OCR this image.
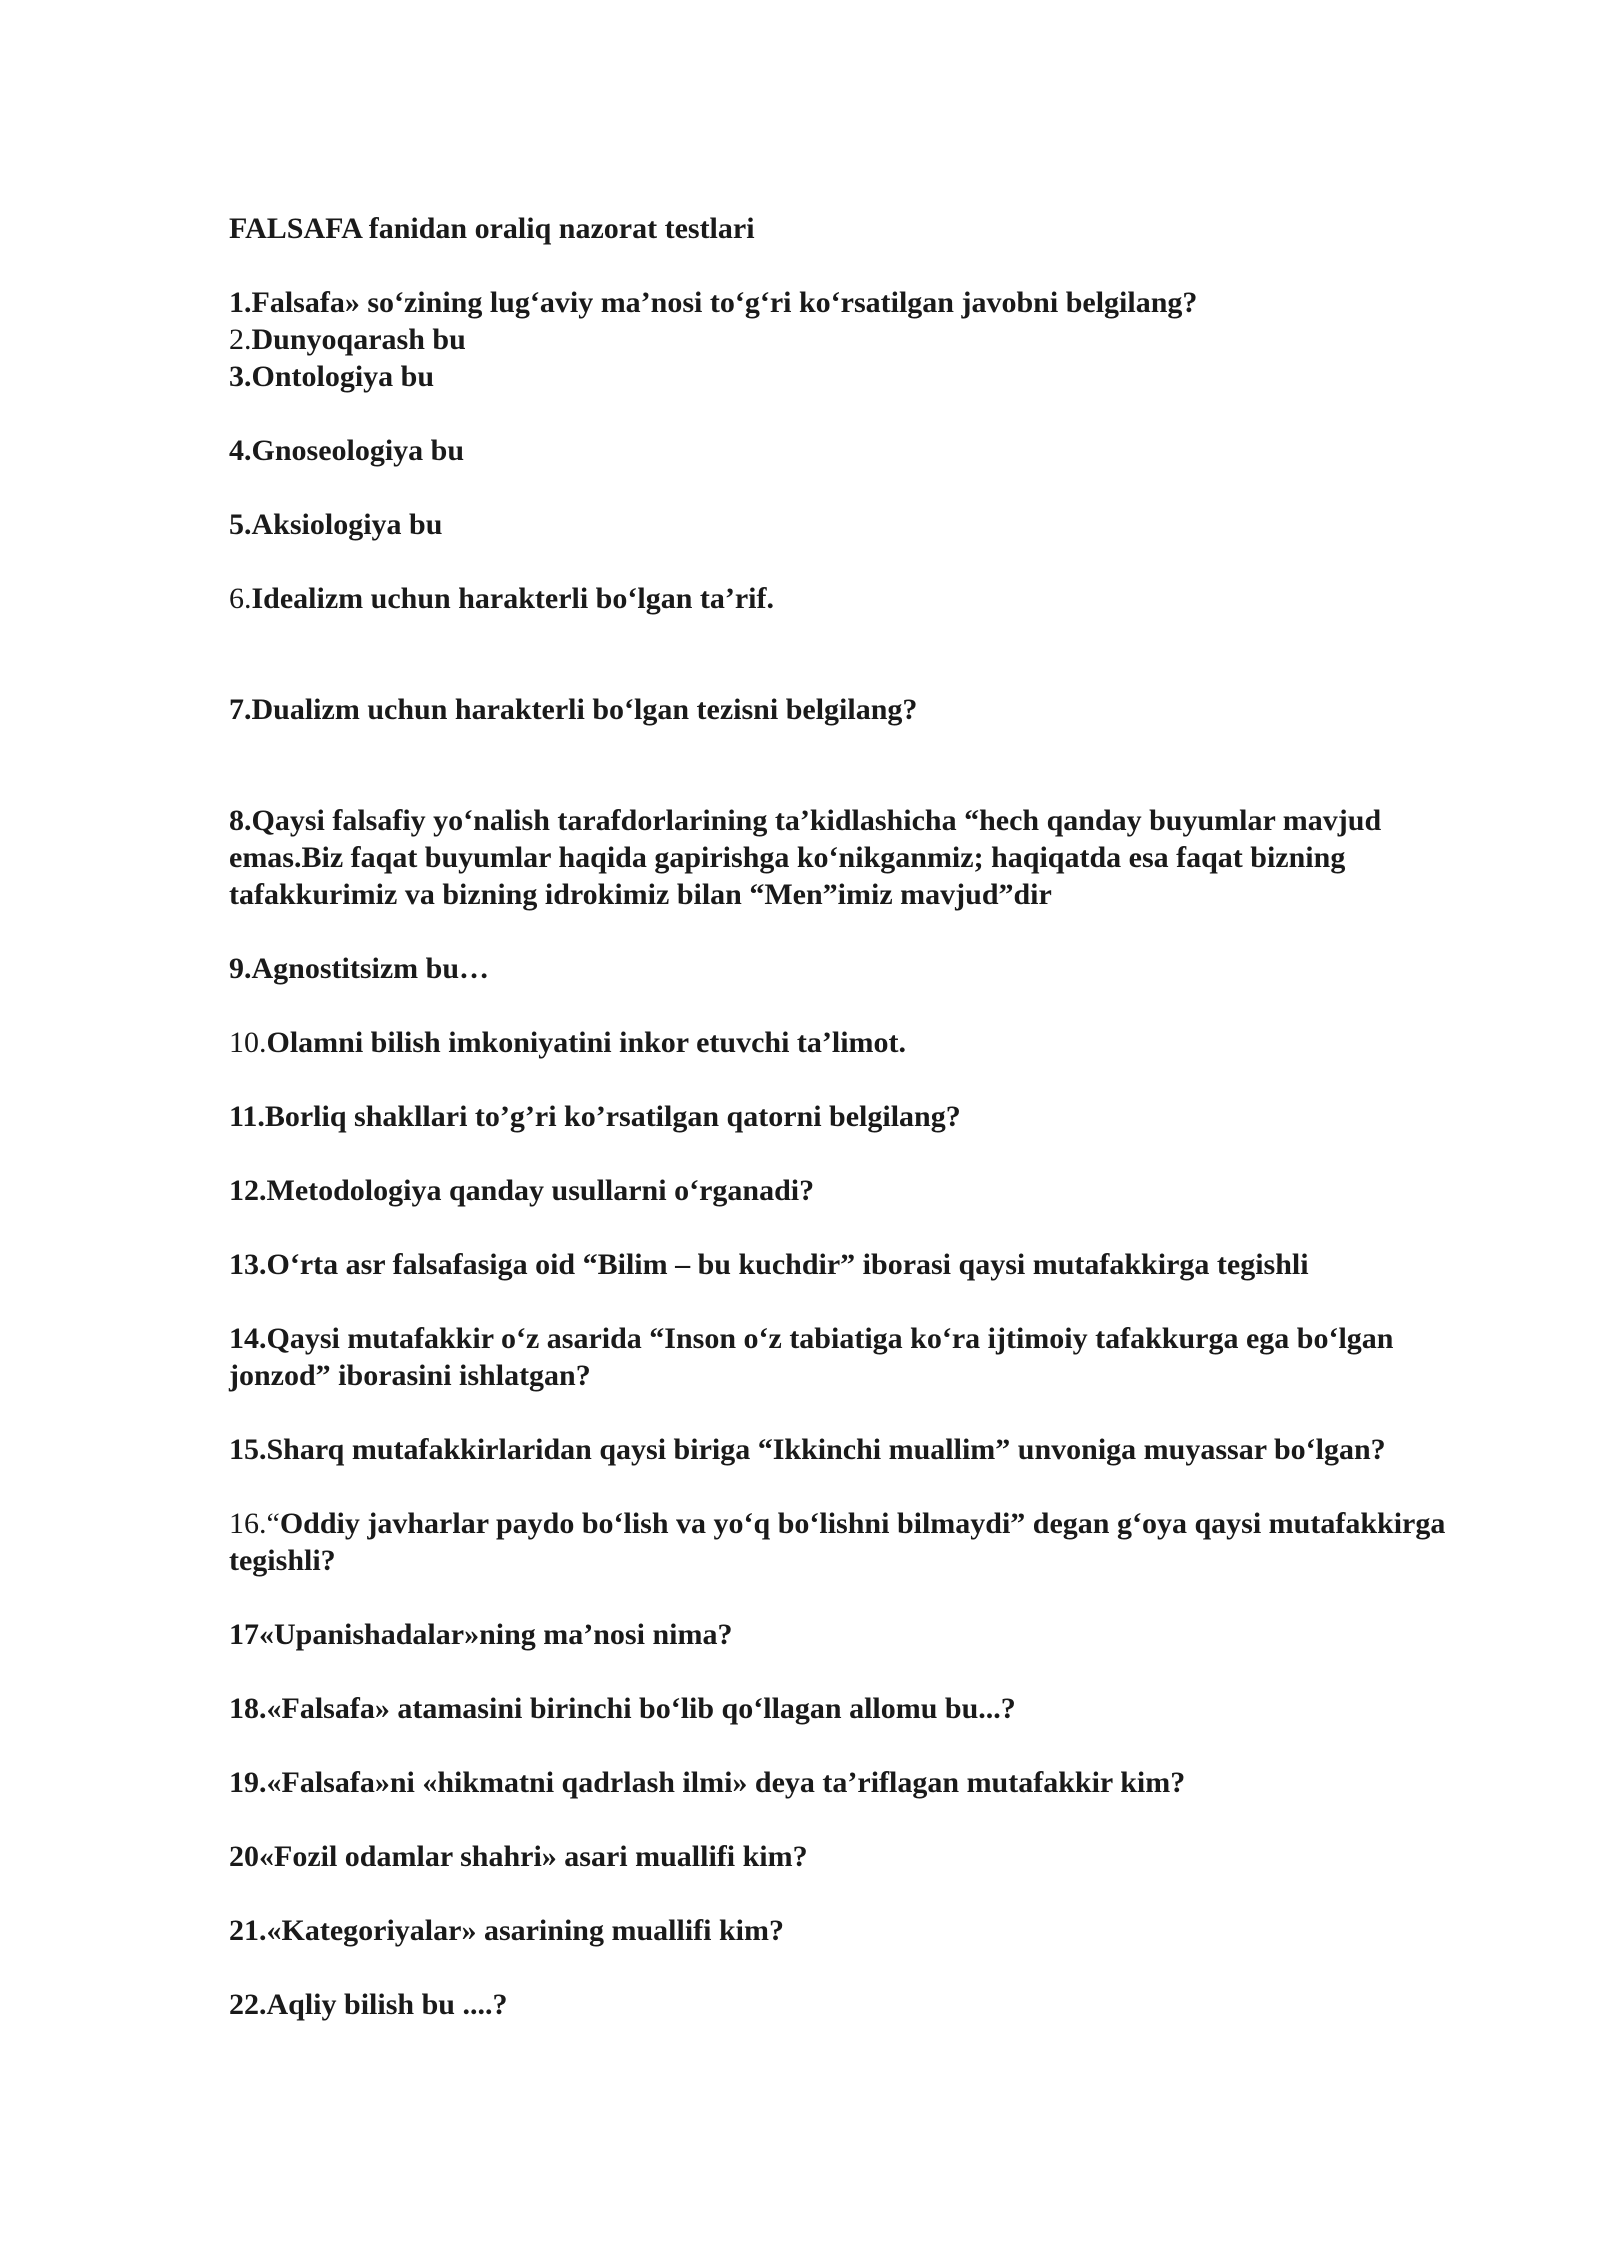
FALSAFA fanidan oraliq nazorat testlari

1.Falsafa» so‘zining lug‘aviy ma’nosi to‘g‘ri ko‘rsatilgan javobni belgilang?

2.Dunyoqarash bu

3.Ontologiya bu

4.Gnoseologiya bu

5.Aksiologiya bu

6.Idealizm uchun harakterli bo‘lgan ta’rif.

7.Dualizm uchun harakterli bo‘lgan tezisni belgilang?

8.Qaysi falsafiy yo‘nalish tarafdorlarining ta’kidlashicha “hech qanday buyumlar mavjud emas.Biz faqat buyumlar haqida gapirishga ko‘nikganmiz; haqiqatda esa faqat bizning tafakkurimiz va bizning idrokimiz bilan “Men”imiz mavjud”dir

9.Agnostitsizm bu…

10.Olamni bilish imkoniyatini inkor etuvchi ta’limot.

11.Borliq shakllari to’g’ri ko’rsatilgan qatorni belgilang?

12.Metodologiya qanday usullarni o‘rganadi?

13.O‘rta asr falsafasiga oid “Bilim – bu kuchdir” iborasi qaysi mutafakkirga tegishli

14.Qaysi mutafakkir o‘z asarida “Inson o‘z tabiatiga ko‘ra ijtimoiy tafakkurga ega bo‘lgan jonzod” iborasini ishlatgan?

15.Sharq mutafakkirlaridan qaysi biriga “Ikkinchi muallim” unvoniga muyassar bo‘lgan?

16.“Oddiy javharlar paydo bo‘lish va yo‘q bo‘lishni bilmaydi” degan g‘oya qaysi mutafakkirga tegishli?

17«Upanishadalar»ning ma’nosi nima?

18.«Falsafa» atamasini birinchi bo‘lib qo‘llagan allomu bu...?

19.«Falsafa»ni «hikmatni qadrlash ilmi» deya ta’riflagan mutafakkir kim?

20«Fozil odamlar shahri» asari muallifi kim?

21.«Kategoriyalar» asarining muallifi kim?

22.Aqliy bilish bu ....?
